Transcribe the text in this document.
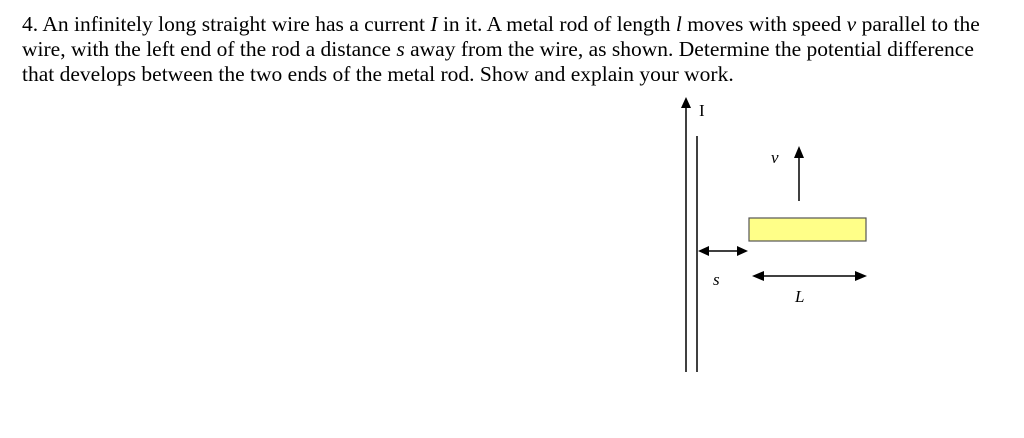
4. An infinitely long straight wire has a current I in it. A metal rod of length l moves with speed v parallel to the wire, with the left end of the rod a distance s away from the wire, as shown. Determine the potential difference that develops between the two ends of the metal rod. Show and explain your work.

I
v
s
L
